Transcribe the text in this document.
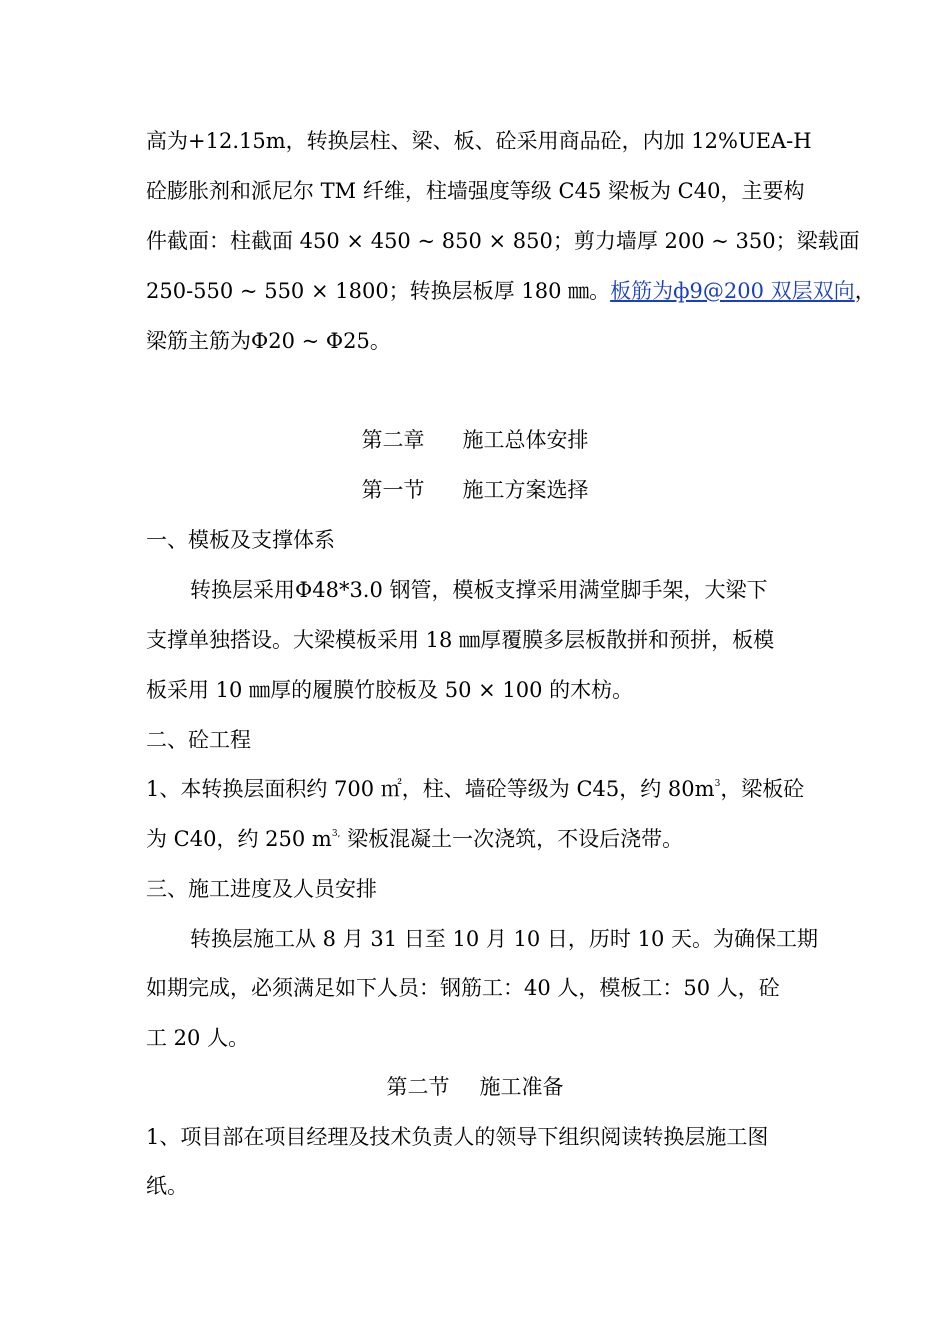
高为+12.15m，转换层柱、梁、板、砼采用商品砼，内加 12%UEA-H
砼膨胀剂和派尼尔 TM 纤维，柱墙强度等级 C45 梁板为 C40，主要构
件截面：柱截面 450 × 450 ~ 850 × 850；剪力墙厚 200 ~ 350；梁载面
250-550 ~ 550 × 1800；转换层板厚 180 ㎜。板筋为ф9@200 双层双向，
梁筋主筋为Φ20 ~ Φ25。
第二章 施工总体安排
第一节 施工方案选择
一、模板及支撑体系
转换层采用Φ48*3.0 钢管，模板支撑采用满堂脚手架，大梁下
支撑单独搭设。大梁模板采用 18 ㎜厚覆膜多层板散拼和预拼，板模
板采用 10 ㎜厚的履膜竹胶板及 50 × 100 的木枋。
二、砼工程
1、本转换层面积约 700 ㎡，柱、墙砼等级为 C45，约 $80m^3$，梁板砼
为 C40，约 250 $m^{3,}$ 梁板混凝土一次浇筑，不设后浇带。
三、施工进度及人员安排
转换层施工从 8 月 31 日至 10 月 10 日，历时 10 天。为确保工期
如期完成，必须满足如下人员：钢筋工：40 人，模板工：50 人，砼
工 20 人。
第二节 施工准备
1、项目部在项目经理及技术负责人的领导下组织阅读转换层施工图
纸。
